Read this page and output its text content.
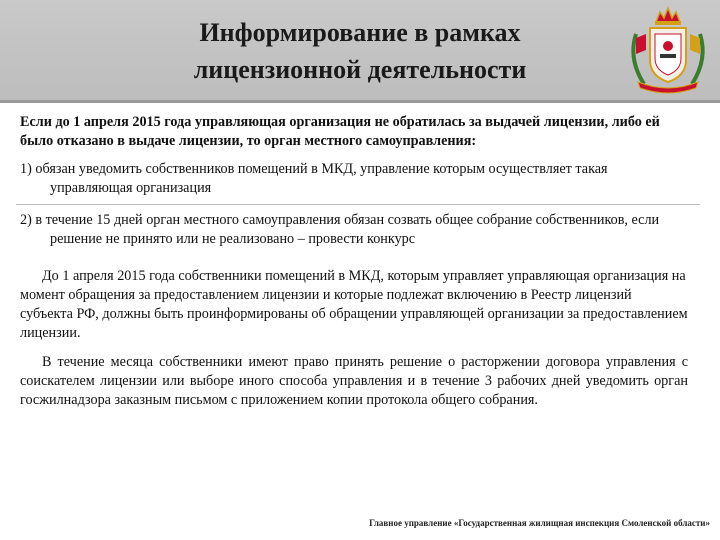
Информирование в рамках
лицензионной деятельности
Если до 1 апреля 2015 года управляющая организация не обратилась за выдачей лицензии, либо ей было отказано в выдаче лицензии, то орган местного самоуправления:
1) обязан уведомить собственников помещений в МКД, управление которым осуществляет такая управляющая организация
2) в течение 15 дней орган местного самоуправления обязан созвать общее собрание собственников, если решение не принято или не реализовано – провести конкурс
До 1 апреля 2015 года собственники помещений в МКД, которым управляет управляющая организация на момент обращения за предоставлением лицензии и которые подлежат включению в Реестр лицензий субъекта РФ, должны быть проинформированы об обращении управляющей организации за предоставлением лицензии.
В течение месяца собственники имеют право принять решение о расторжении договора управления с соискателем лицензии или выборе иного способа управления и в течение 3 рабочих дней уведомить орган госжилнадзора заказным письмом с приложением копии протокола общего собрания.
Главное управление «Государственная жилищная инспекция Смоленской области»
